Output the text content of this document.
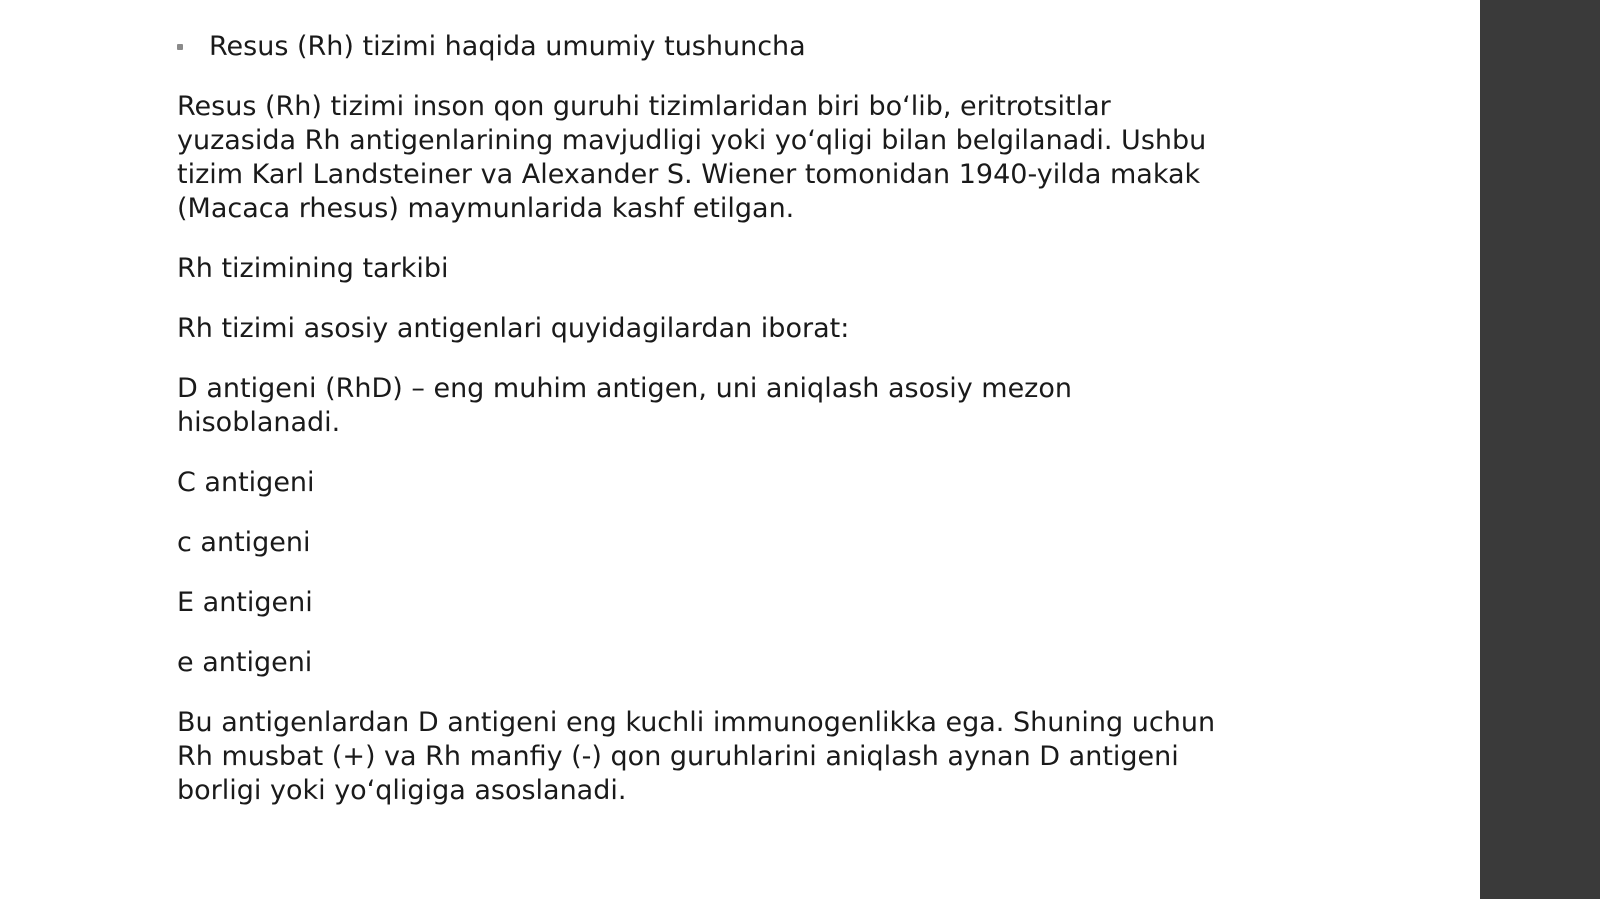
Resus (Rh) tizimi haqida umumiy tushuncha
Resus (Rh) tizimi inson qon guruhi tizimlaridan biri bo‘lib, eritrotsitlar
yuzasida Rh antigenlarining mavjudligi yoki yo‘qligi bilan belgilanadi. Ushbu
tizim Karl Landsteiner va Alexander S. Wiener tomonidan 1940-yilda makak
(Macaca rhesus) maymunlarida kashf etilgan.
Rh tizimining tarkibi
Rh tizimi asosiy antigenlari quyidagilardan iborat:
D antigeni (RhD) – eng muhim antigen, uni aniqlash asosiy mezon
hisoblanadi.
C antigeni
c antigeni
E antigeni
e antigeni
Bu antigenlardan D antigeni eng kuchli immunogenlikka ega. Shuning uchun
Rh musbat (+) va Rh manfiy (-) qon guruhlarini aniqlash aynan D antigeni
borligi yoki yo‘qligiga asoslanadi.
